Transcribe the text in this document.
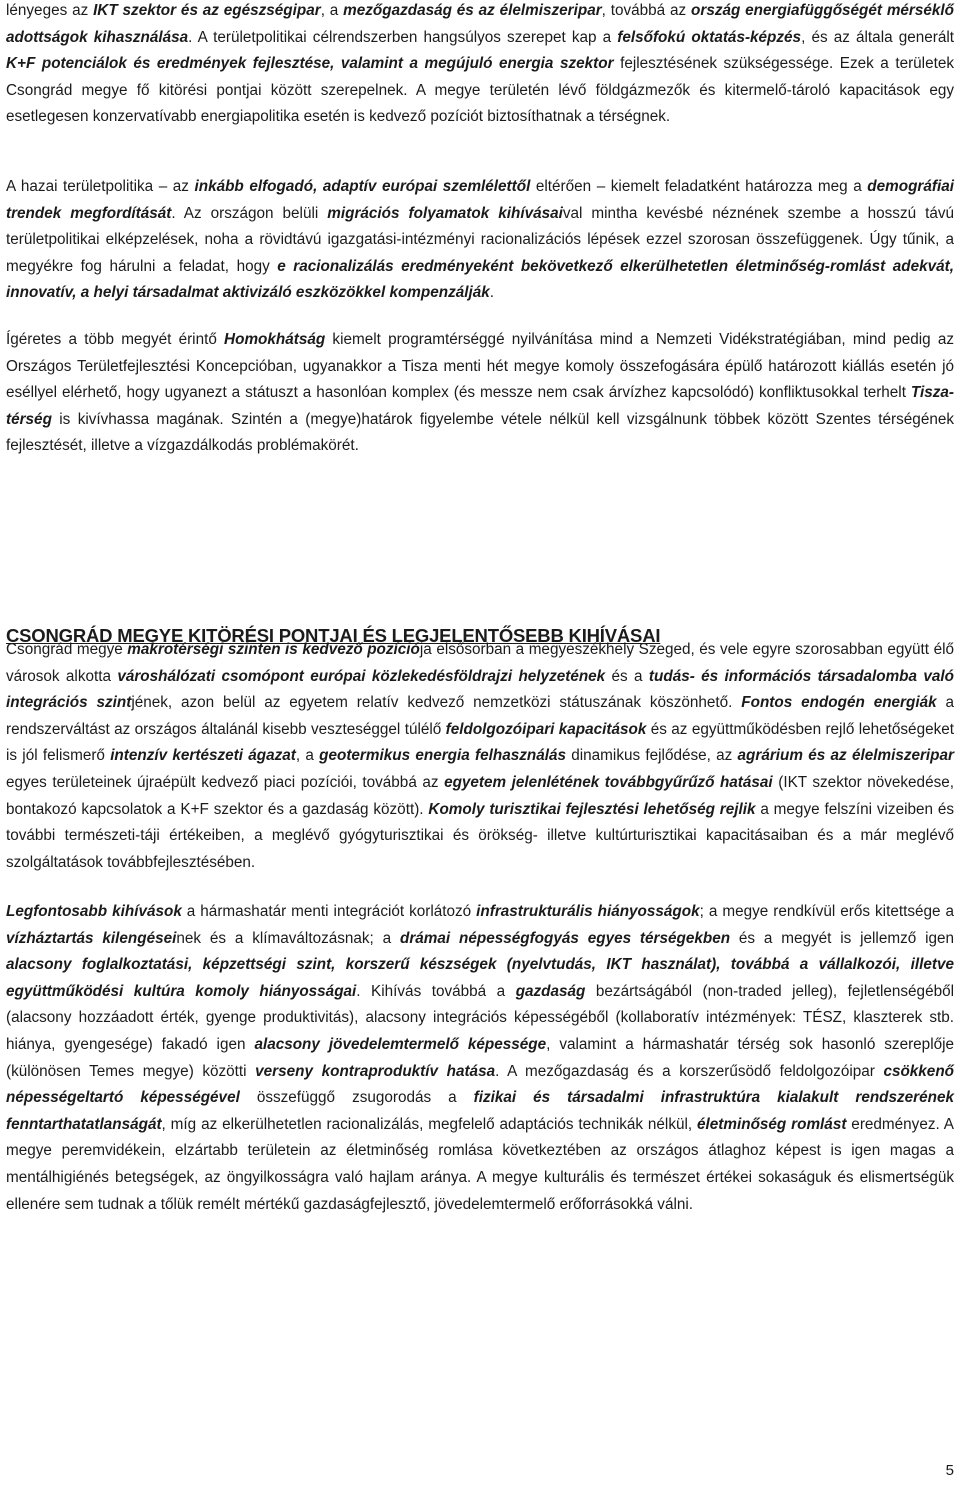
lényeges az IKT szektor és az egészségipar, a mezőgazdaság és az élelmiszeripar, továbbá az ország energiafüggőségét mérséklő adottságok kihasználása. A területpolitikai célrendszerben hangsúlyos szerepet kap a felsőfokú oktatás-képzés, és az általa generált K+F potenciálok és eredmények fejlesztése, valamint a megújuló energia szektor fejlesztésének szükségessége. Ezek a területek Csongrád megye fő kitörési pontjai között szerepelnek. A megye területén lévő földgázmezők és kitermelő-tároló kapacitások egy esetlegesen konzervatívabb energiapolitika esetén is kedvező pozíciót biztosíthatnak a térségnek.

A hazai területpolitika – az inkább elfogadó, adaptív európai szemlélettől eltérően – kiemelt feladatként határozza meg a demográfiai trendek megfordítását. Az országon belüli migrációs folyamatok kihívásaival mintha kevésbé néznének szembe a hosszú távú területpolitikai elképzelések, noha a rövidtávú igazgatási-intézményi racionalizációs lépések ezzel szorosan összefüggenek. Úgy tűnik, a megyékre fog hárulni a feladat, hogy e racionalizálás eredményeként bekövetkező elkerülhetetlen életminőség-romlást adekvát, innovatív, a helyi társadalmat aktivizáló eszközökkel kompenzálják.

Ígéretes a több megyét érintő Homokhátság kiemelt programtérséggé nyilvánítása mind a Nemzeti Vidékstratégiában, mind pedig az Országos Területfejlesztési Koncepcióban, ugyanakkor a Tisza menti hét megye komoly összefogására épülő határozott kiállás esetén jó eséllyel elérhető, hogy ugyanezt a státuszt a hasonlóan komplex (és messze nem csak árvízhez kapcsolódó) konfliktusokkal terhelt Tisza-térség is kivívhassa magának. Szintén a (megye)határok figyelembe vétele nélkül kell vizsgálnunk többek között Szentes térségének fejlesztését, illetve a vízgazdálkodás problémakörét.

CSONGRÁD MEGYE KITÖRÉSI PONTJAI ÉS LEGJELENTŐSEBB KIHÍVÁSAI

Csongrád megye makrotérségi szinten is kedvező pozíciója elsősorban a megyeszékhely Szeged, és vele egyre szorosabban együtt élő városok alkotta városhálózati csomópont európai közlekedésföldrajzi helyzetének és a tudás- és információs társadalomba való integrációs szintjének, azon belül az egyetem relatív kedvező nemzetközi státuszának köszönhető. Fontos endogén energiák a rendszerváltást az országos általánál kisebb veszteséggel túlélő feldolgozóipari kapacitások és az együttműködésben rejlő lehetőségeket is jól felismerő intenzív kertészeti ágazat, a geotermikus energia felhasználás dinamikus fejlődése, az agrárium és az élelmiszeripar egyes területeinek újraépült kedvező piaci pozíciói, továbbá az egyetem jelenlétének továbbgyűrűző hatásai (IKT szektor növekedése, bontakozó kapcsolatok a K+F szektor és a gazdaság között). Komoly turisztikai fejlesztési lehetőség rejlik a megye felszíni vizeiben és további természeti-táji értékeiben, a meglévő gyógyturisztikai és örökség- illetve kultúrturisztikai kapacitásaiban és a már meglévő szolgáltatások továbbfejlesztésében.

Legfontosabb kihívások a hármashatár menti integrációt korlátozó infrastrukturális hiányosságok; a megye rendkívül erős kitettsége a vízháztartás kilengéseinek és a klímaváltozásnak; a drámai népességfogyás egyes térségekben és a megyét is jellemző igen alacsony foglalkoztatási, képzettségi szint, korszerű készségek (nyelvtudás, IKT használat), továbbá a vállalkozói, illetve együttműködési kultúra komoly hiányosságai. Kihívás továbbá a gazdaság bezártságából (non-traded jelleg), fejletlenségéből (alacsony hozzáadott érték, gyenge produktivitás), alacsony integrációs képességéből (kollaboratív intézmények: TÉSZ, klaszterek stb. hiánya, gyengesége) fakadó igen alacsony jövedelemtermelő képessége, valamint a hármashatár térség sok hasonló szereplője (különösen Temes megye) közötti verseny kontraproduktív hatása. A mezőgazdaság és a korszerűsödő feldolgozóipar csökkenő népességeltartó képességével összefüggő zsugorodás a fizikai és társadalmi infrastruktúra kialakult rendszerének fenntarthatatlanságát, míg az elkerülhetetlen racionalizálás, megfelelő adaptációs technikák nélkül, életminőség romlást eredményez. A megye peremvidékein, elzártabb területein az életminőség romlása következtében az országos átlaghoz képest is igen magas a mentálhigiénés betegségek, az öngyilkosságra való hajlam aránya. A megye kulturális és természet értékei sokaságuk és elismertségük ellenére sem tudnak a tőlük remélt mértékű gazdaságfejlesztő, jövedelemtermelő erőforrásokká válni.

5
